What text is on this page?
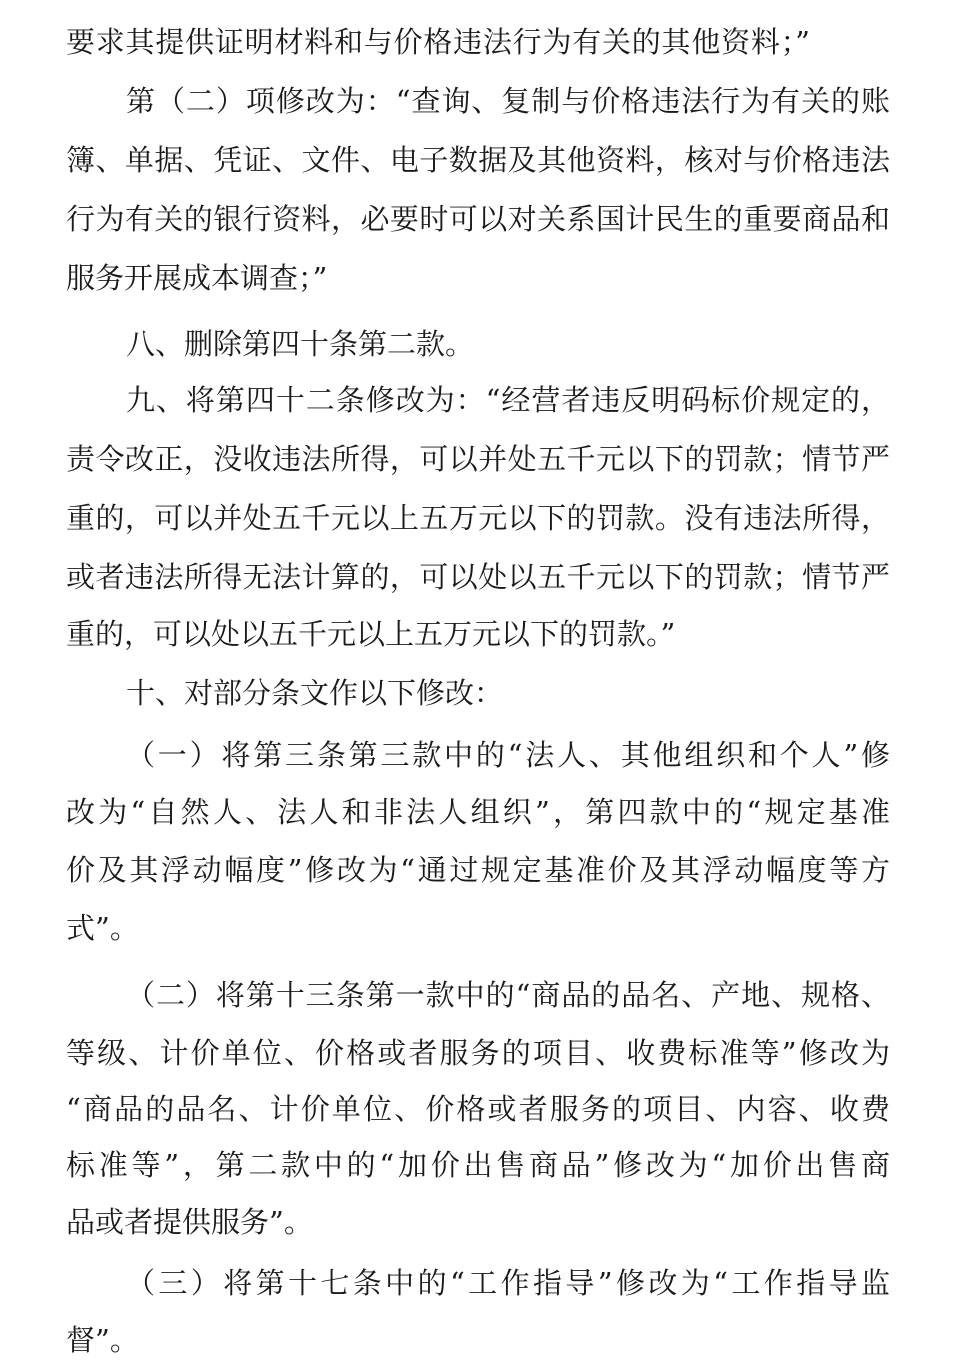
要求其提供证明材料和与价格违法行为有关的其他资料；”
第（二）项修改为：“查询、复制与价格违法行为有关的账
簿、单据、凭证、文件、电子数据及其他资料，核对与价格违法
行为有关的银行资料，必要时可以对关系国计民生的重要商品和
服务开展成本调查；”
八、删除第四十条第二款。
九、将第四十二条修改为：“经营者违反明码标价规定的，
责令改正，没收违法所得，可以并处五千元以下的罚款；情节严
重的，可以并处五千元以上五万元以下的罚款。没有违法所得，
或者违法所得无法计算的，可以处以五千元以下的罚款；情节严
重的，可以处以五千元以上五万元以下的罚款。”
十、对部分条文作以下修改：
（一）将第三条第三款中的“法人、其他组织和个人”修
改为“自然人、法人和非法人组织”，第四款中的“规定基准
价及其浮动幅度”修改为“通过规定基准价及其浮动幅度等方
式”。
（二）将第十三条第一款中的“商品的品名、产地、规格、
等级、计价单位、价格或者服务的项目、收费标准等”修改为
“商品的品名、计价单位、价格或者服务的项目、内容、收费
标准等”，第二款中的“加价出售商品”修改为“加价出售商
品或者提供服务”。
（三）将第十七条中的“工作指导”修改为“工作指导监
督”。
